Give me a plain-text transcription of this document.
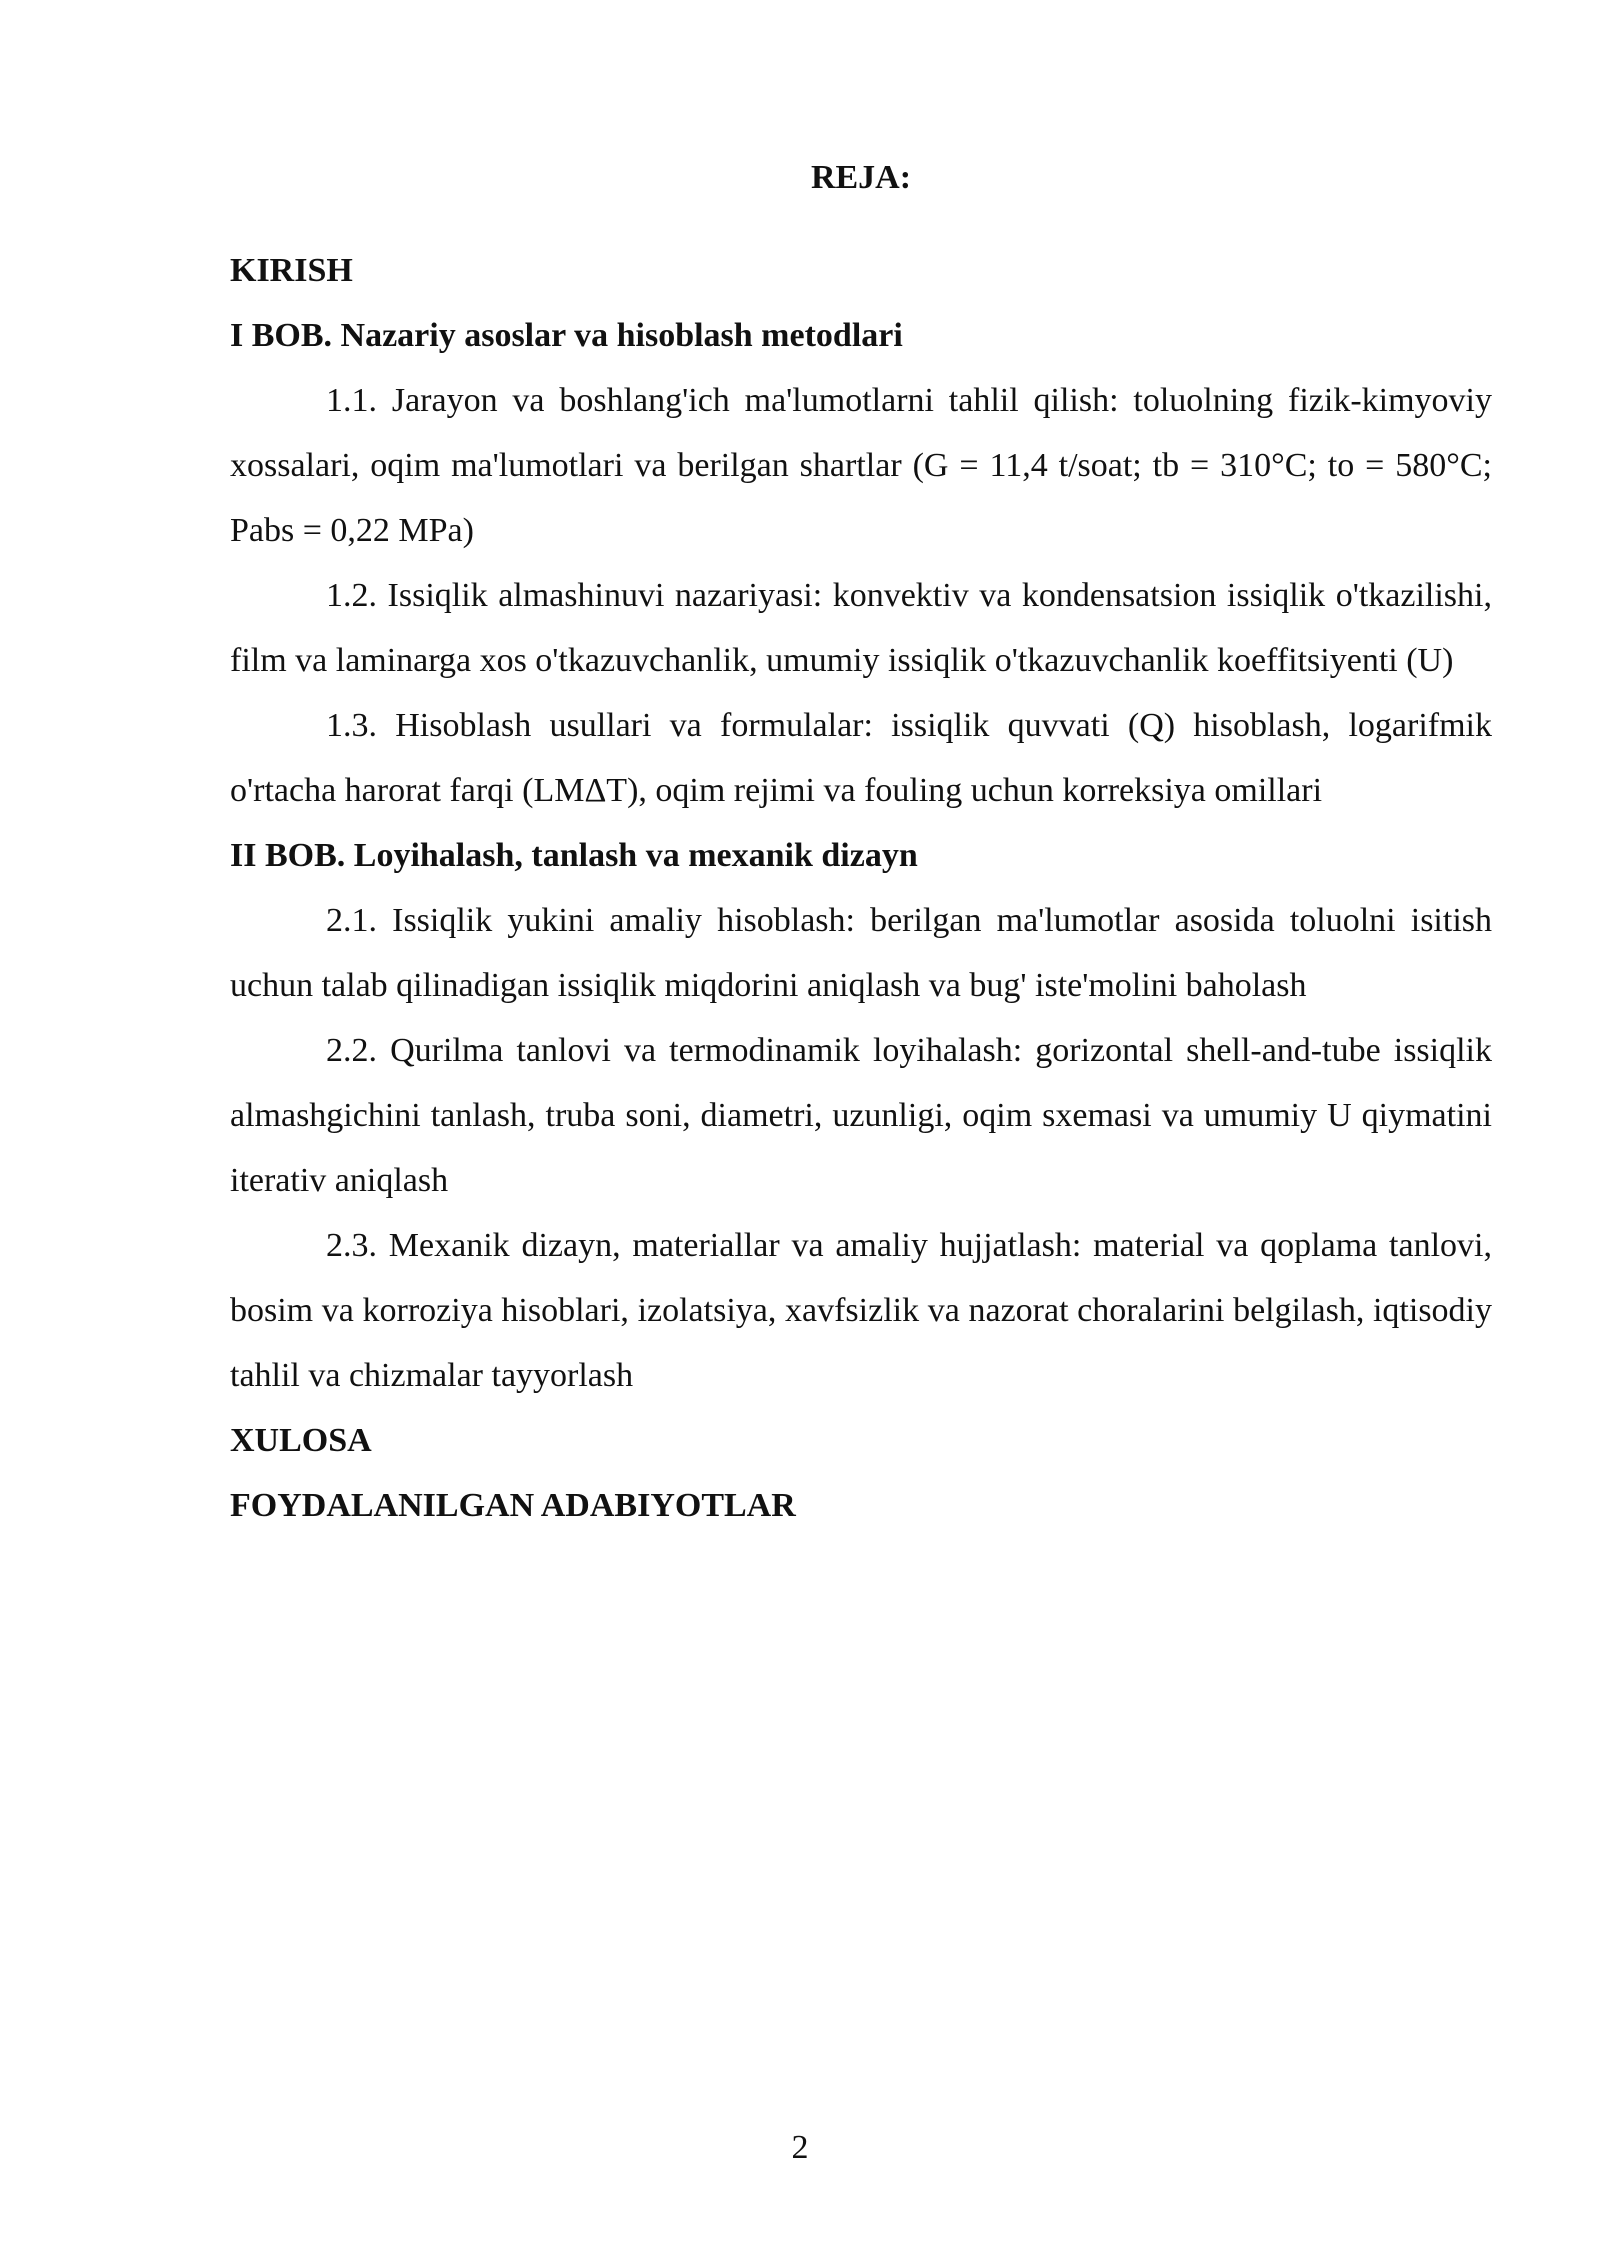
REJA:

KIRISH

I BOB. Nazariy asoslar va hisoblash metodlari

1.1. Jarayon va boshlang'ich ma'lumotlarni tahlil qilish: toluolning fizik-kimyoviy xossalari, oqim ma'lumotlari va berilgan shartlar (G = 11,4 t/soat; tb = 310°C; to = 580°C; Pabs = 0,22 MPa)

1.2. Issiqlik almashinuvi nazariyasi: konvektiv va kondensatsion issiqlik o'tkazilishi, film va laminarga xos o'tkazuvchanlik, umumiy issiqlik o'tkazuvchanlik koeffitsiyenti (U)

1.3. Hisoblash usullari va formulalar: issiqlik quvvati (Q) hisoblash, logarifmik o'rtacha harorat farqi (LMΔT), oqim rejimi va fouling uchun korreksiya omillari

II BOB. Loyihalash, tanlash va mexanik dizayn

2.1. Issiqlik yukini amaliy hisoblash: berilgan ma'lumotlar asosida toluolni isitish uchun talab qilinadigan issiqlik miqdorini aniqlash va bug' iste'molini baholash

2.2. Qurilma tanlovi va termodinamik loyihalash: gorizontal shell-and-tube issiqlik almashgichini tanlash, truba soni, diametri, uzunligi, oqim sxemasi va umumiy U qiymatini iterativ aniqlash

2.3. Mexanik dizayn, materiallar va amaliy hujjatlash: material va qoplama tanlovi, bosim va korroziya hisoblari, izolatsiya, xavfsizlik va nazorat choralarini belgilash, iqtisodiy tahlil va chizmalar tayyorlash

XULOSA

FOYDALANILGAN ADABIYOTLAR

2
